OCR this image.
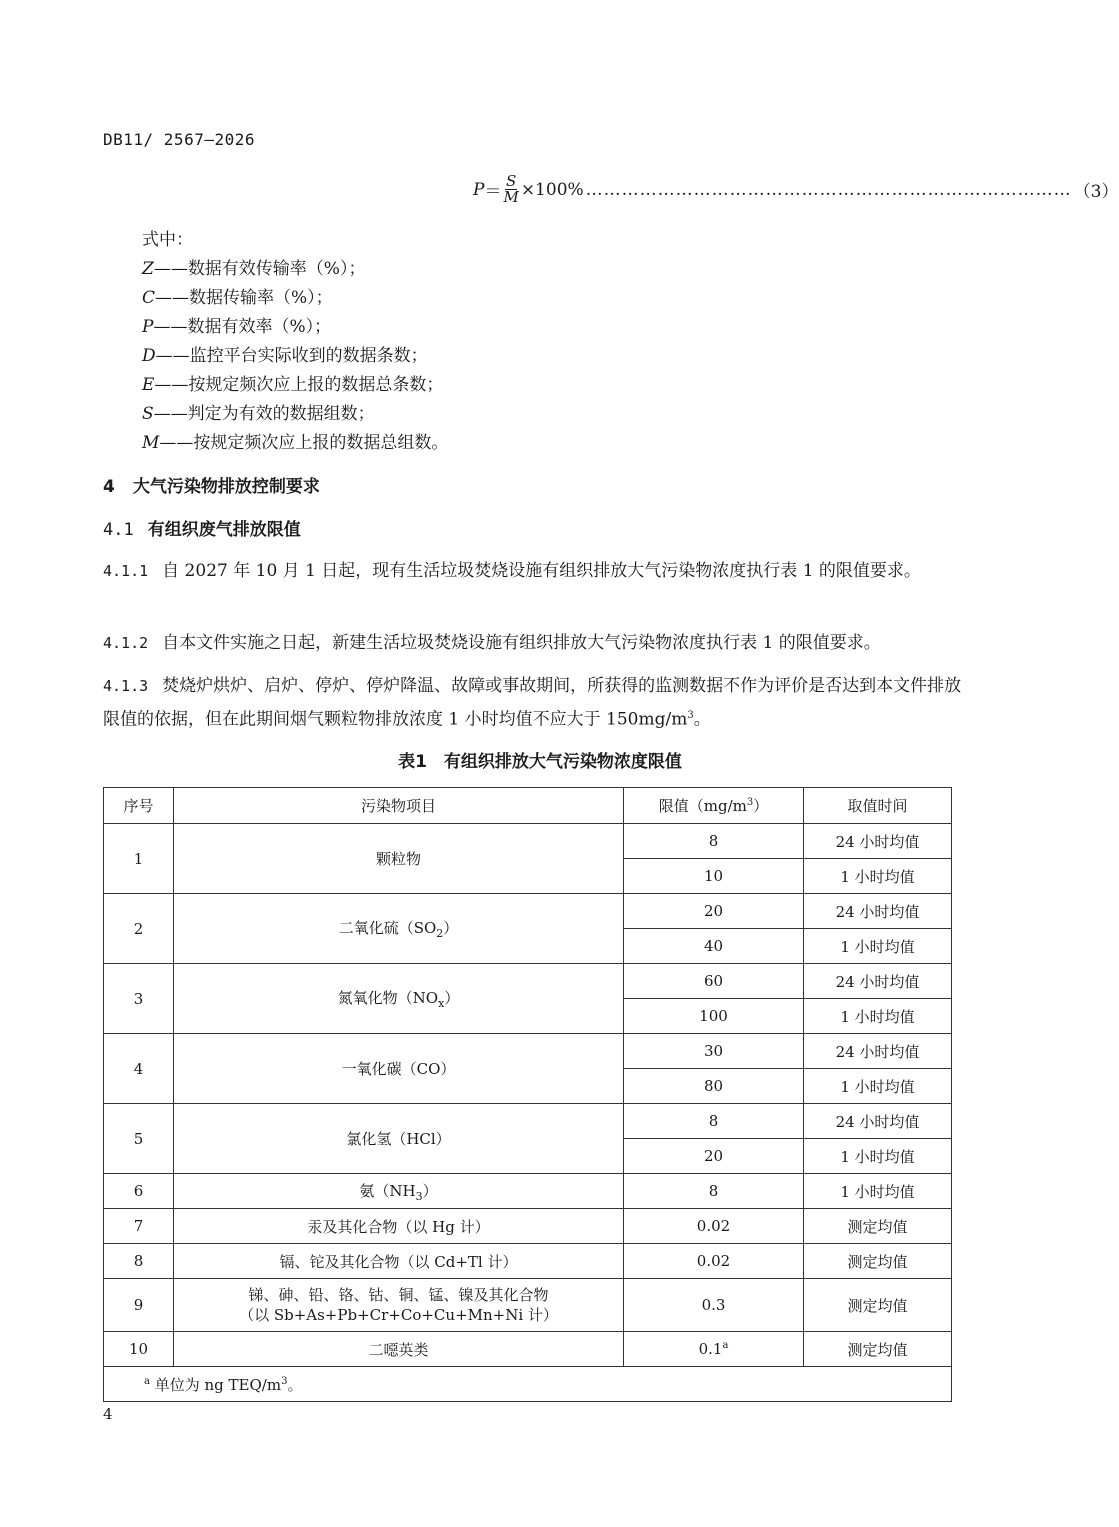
DB11/ 2567—2026
$P = \frac{S}{M} \times 100\%$ ……………………………………………………………………… （3）
式中：
Z——数据有效传输率（%）；
C——数据传输率（%）；
P——数据有效率（%）；
D——监控平台实际收到的数据条数；
E——按规定频次应上报的数据总条数；
S——判定为有效的数据组数；
M——按规定频次应上报的数据总组数。
4 大气污染物排放控制要求
4.1 有组织废气排放限值
4.1.1 自 2027 年 10 月 1 日起，现有生活垃圾焚烧设施有组织排放大气污染物浓度执行表 1 的限值要求。
4.1.2 自本文件实施之日起，新建生活垃圾焚烧设施有组织排放大气污染物浓度执行表 1 的限值要求。
4.1.3 焚烧炉烘炉、启炉、停炉、停炉降温、故障或事故期间，所获得的监测数据不作为评价是否达到本文件排放限值的依据，但在此期间烟气颗粒物排放浓度 1 小时均值不应大于 $150mg/m^3$。
表1　有组织排放大气污染物浓度限值
序号	污染物项目	限值$(mg/m^3)$	取值时间
1	颗粒物	8	24 小时均值
		10	1 小时均值
2	二氧化硫$(SO_2)$	20	24 小时均值
		40	1 小时均值
3	氮氧化物$(NO_x)$	60	24 小时均值
		100	1 小时均值
4	一氧化碳（CO）	30	24 小时均值
		80	1 小时均值
5	氯化氢（HCl）	8	24 小时均值
		20	1 小时均值
6	氨$(NH_3)$	8	1 小时均值
7	汞及其化合物（以 Hg 计）	0.02	测定均值
8	镉、铊及其化合物（以 Cd+Tl 计）	0.02	测定均值
9	锑、砷、铅、铬、钴、铜、锰、镍及其化合物
（以 Sb+As+Pb+Cr+Co+Cu+Mn+Ni 计）	0.3	测定均值
10	二噁英类	0.1$^a$	测定均值
$^a$ 单位为 ng TEQ/$m^3$。			
4
